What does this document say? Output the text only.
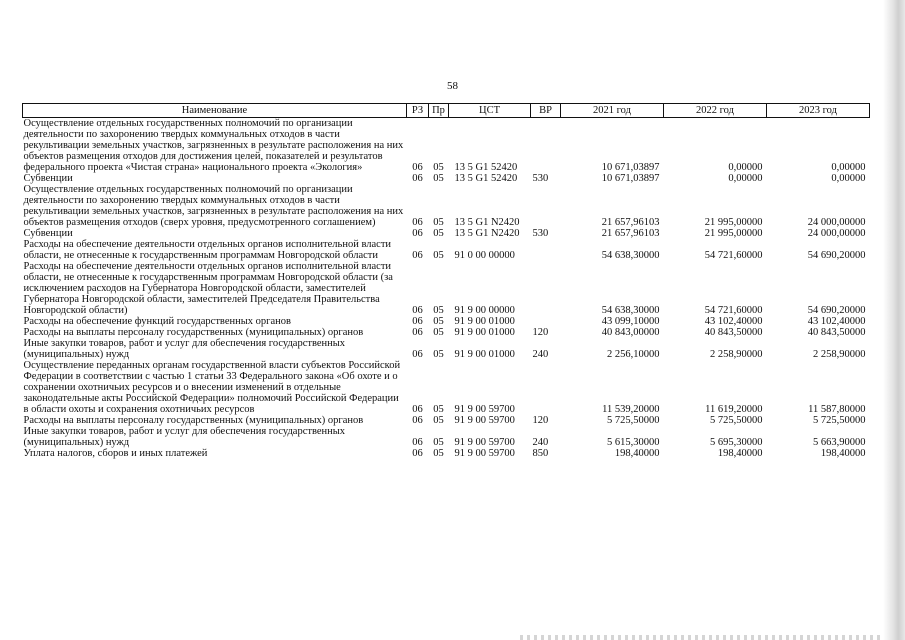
58
Наименование	РЗ	Пр	ЦСТ	ВР	2021 год	2022 год	2023 год
Осуществление отдельных государственных полномочий по организации деятельности по захоронению твердых коммунальных отходов в части рекультивации земельных участков, загрязненных в результате расположения на них объектов размещения отходов для достижения целей, показателей и результатов федерального проекта «Чистая страна» национального проекта «Экология»	06	05	13 5 G1 52420		10 671,03897	0,00000	0,00000
Субвенции	06	05	13 5 G1 52420	530	10 671,03897	0,00000	0,00000
Осуществление отдельных государственных полномочий по организации деятельности по захоронению твердых коммунальных отходов в части рекультивации земельных участков, загрязненных в результате расположения на них объектов размещения отходов (сверх уровня, предусмотренного соглашением)	06	05	13 5 G1 N2420		21 657,96103	21 995,00000	24 000,00000
Субвенции	06	05	13 5 G1 N2420	530	21 657,96103	21 995,00000	24 000,00000
Расходы на обеспечение деятельности отдельных органов исполнительной власти области, не отнесенные к государственным программам Новгородской области	06	05	91 0 00 00000		54 638,30000	54 721,60000	54 690,20000
Расходы на обеспечение деятельности отдельных органов исполнительной власти области, не отнесенные к государственным программам Новгородской области (за исключением расходов на Губернатора Новгородской области, заместителей Губернатора Новгородской области, заместителей Председателя Правительства Новгородской области)	06	05	91 9 00 00000		54 638,30000	54 721,60000	54 690,20000
Расходы на обеспечение функций государственных органов	06	05	91 9 00 01000		43 099,10000	43 102,40000	43 102,40000
Расходы на выплаты персоналу государственных (муниципальных) органов	06	05	91 9 00 01000	120	40 843,00000	40 843,50000	40 843,50000
Иные закупки товаров, работ и услуг для обеспечения государственных (муниципальных) нужд	06	05	91 9 00 01000	240	2 256,10000	2 258,90000	2 258,90000
Осуществление переданных органам государственной власти субъектов Российской Федерации в соответствии с частью 1 статьи 33 Федерального закона «Об охоте и о сохранении охотничьих ресурсов и о внесении изменений в отдельные законодательные акты Российской Федерации» полномочий Российской Федерации в области охоты и сохранения охотничьих ресурсов	06	05	91 9 00 59700		11 539,20000	11 619,20000	11 587,80000
Расходы на выплаты персоналу государственных (муниципальных) органов	06	05	91 9 00 59700	120	5 725,50000	5 725,50000	5 725,50000
Иные закупки товаров, работ и услуг для обеспечения государственных (муниципальных) нужд	06	05	91 9 00 59700	240	5 615,30000	5 695,30000	5 663,90000
Уплата налогов, сборов и иных платежей	06	05	91 9 00 59700	850	198,40000	198,40000	198,40000
